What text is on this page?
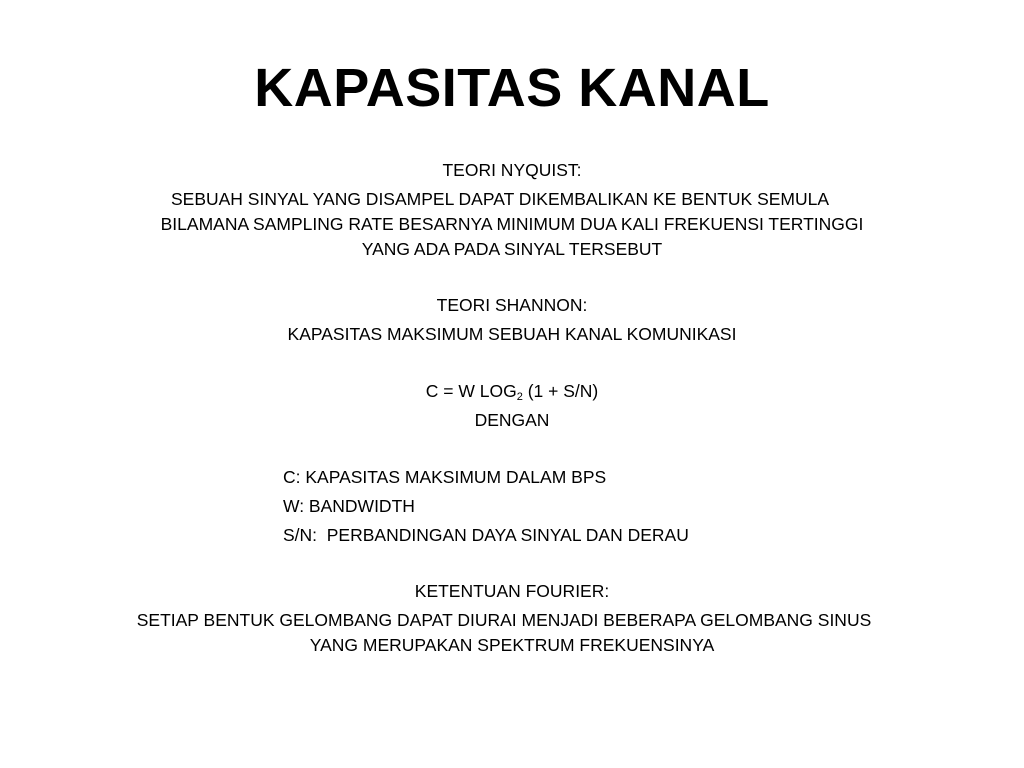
KAPASITAS KANAL
TEORI NYQUIST:
SEBUAH SINYAL YANG DISAMPEL DAPAT DIKEMBALIKAN KE BENTUK SEMULA
BILAMANA SAMPLING RATE BESARNYA MINIMUM DUA KALI FREKUENSI TERTINGGI
YANG ADA PADA SINYAL TERSEBUT
TEORI SHANNON:
KAPASITAS MAKSIMUM SEBUAH KANAL KOMUNIKASI
C = W $LOG_2$ (1 + S/N)
DENGAN
C: KAPASITAS MAKSIMUM DALAM BPS
W: BANDWIDTH
S/N:  PERBANDINGAN DAYA SINYAL DAN DERAU
KETENTUAN FOURIER:
SETIAP BENTUK GELOMBANG DAPAT DIURAI MENJADI BEBERAPA GELOMBANG SINUS
YANG MERUPAKAN SPEKTRUM FREKUENSINYA
